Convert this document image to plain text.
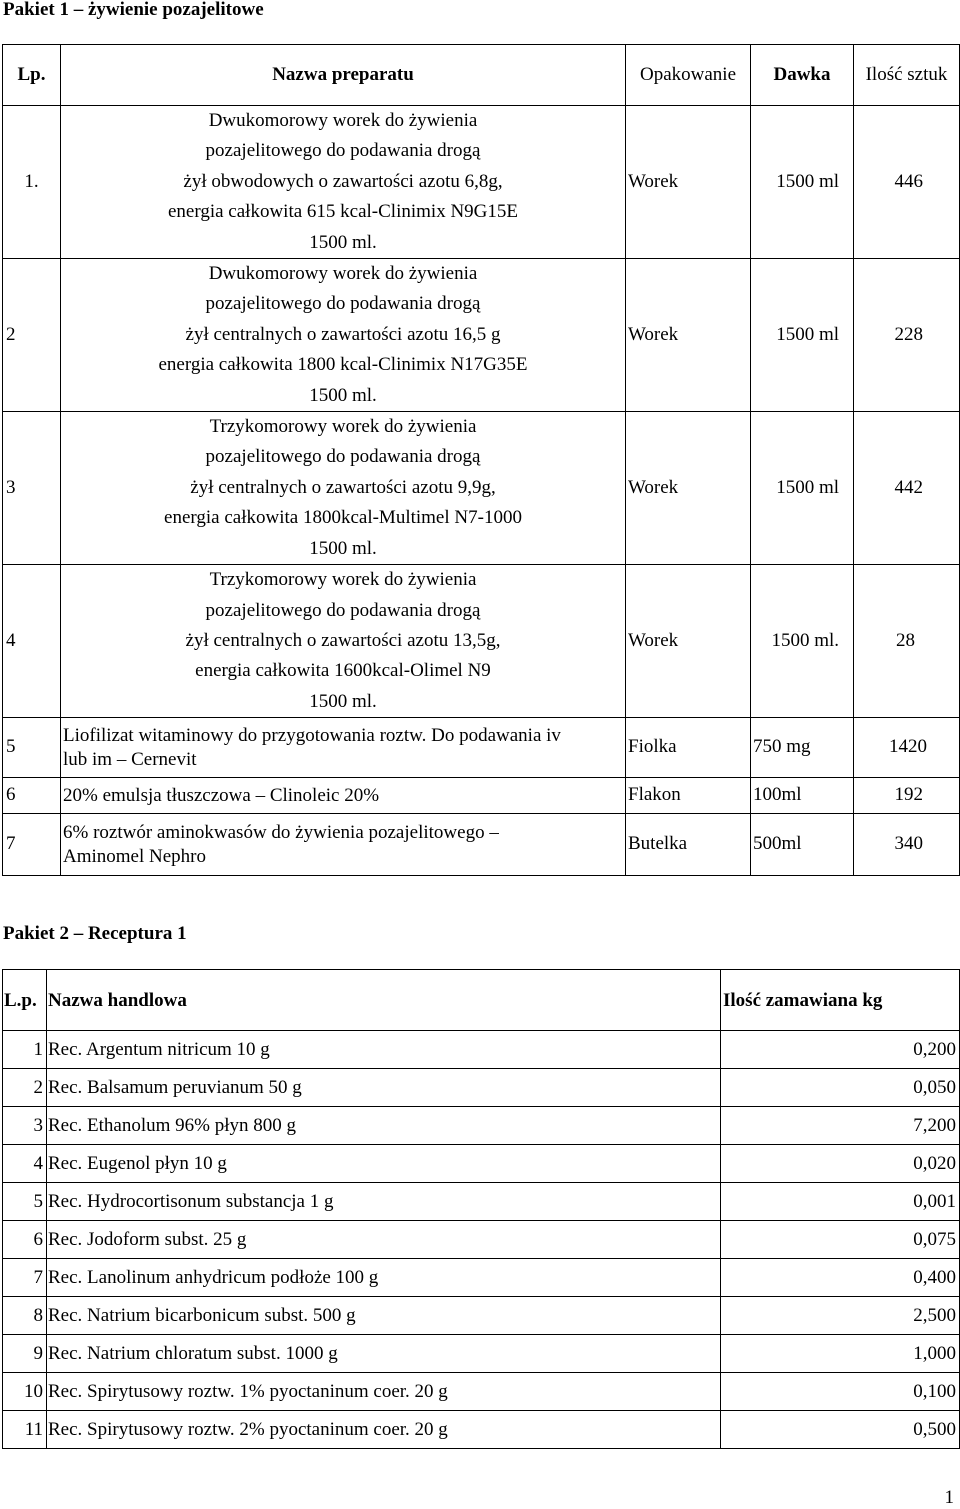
Pakiet 1 – żywienie pozajelitowe
Lp.	Nazwa preparatu	Opakowanie	Dawka	Ilość sztuk
1.	Dwukomorowy worek do żywienia
pozajelitowego do podawania drogą
żył obwodowych o zawartości azotu 6,8g,
energia całkowita 615 kcal-Clinimix N9G15E
1500 ml.	Worek	1500 ml	446
2	Dwukomorowy worek do żywienia
pozajelitowego do podawania drogą
żył centralnych o zawartości azotu 16,5 g
energia całkowita 1800 kcal-Clinimix N17G35E
1500 ml.	Worek	1500 ml	228
3	Trzykomorowy worek do żywienia
pozajelitowego do podawania drogą
żył centralnych o zawartości azotu 9,9g,
energia całkowita 1800kcal-Multimel N7-1000
1500 ml.	Worek	1500 ml	442
4	Trzykomorowy worek do żywienia
pozajelitowego do podawania drogą
żył centralnych o zawartości azotu 13,5g,
energia całkowita 1600kcal-Olimel N9
1500 ml.	Worek	1500 ml.	28
5	Liofilizat witaminowy do przygotowania roztw. Do podawania iv
lub im – Cernevit	Fiolka	750 mg	1420
6	20% emulsja tłuszczowa – Clinoleic 20%	Flakon	100ml	192
7	6% roztwór aminokwasów do żywienia pozajelitowego –
Aminomel Nephro	Butelka	500ml	340
Pakiet 2 – Receptura 1
L.p.	Nazwa handlowa	Ilość zamawiana kg
1	Rec. Argentum nitricum 10 g	0,200
2	Rec. Balsamum peruvianum 50 g	0,050
3	Rec. Ethanolum 96% płyn 800 g	7,200
4	Rec. Eugenol płyn 10 g	0,020
5	Rec. Hydrocortisonum substancja 1 g	0,001
6	Rec. Jodoform subst. 25 g	0,075
7	Rec. Lanolinum anhydricum podłoże 100 g	0,400
8	Rec. Natrium bicarbonicum subst. 500 g	2,500
9	Rec. Natrium chloratum subst. 1000 g	1,000
10	Rec. Spirytusowy roztw. 1% pyoctaninum coer. 20 g	0,100
11	Rec. Spirytusowy roztw. 2% pyoctaninum coer. 20 g	0,500
1
